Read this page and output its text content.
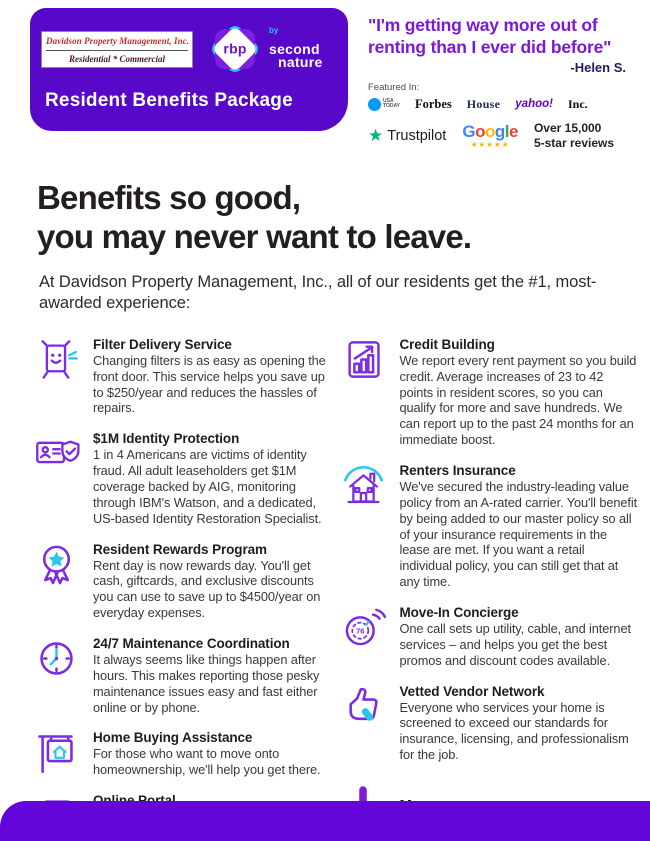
Davidson Property Management, Inc.
Residential * Commercial
rbp
$^{by}$ second
nature
Resident Benefits Package
"I'm getting way more out of
renting than I ever did before"
-Helen S.
Featured In:
USA
TODAY Forbes House yahoo! Inc.
★ Trustpilot Google
★★★★★
Over 15,000
5-star reviews
Benefits so good,
you may never want to leave.
At Davidson Property Management, Inc., all of our residents get the #1, most-awarded experience:
Filter Delivery Service
Changing filters is as easy as opening the front door. This service helps you save up to $250/year and reduces the hassles of repairs.
$1M Identity Protection
1 in 4 Americans are victims of identity fraud. All adult leaseholders get $1M coverage backed by AIG, monitoring through IBM's Watson, and a dedicated, US-based Identity Restoration Specialist.
Resident Rewards Program
Rent day is now rewards day. You'll get cash, giftcards, and exclusive discounts you can use to save up to $4500/year on everyday expenses.
24/7 Maintenance Coordination
It always seems like things happen after hours. This makes reporting those pesky maintenance issues easy and fast either online or by phone.
Home Buying Assistance
For those who want to move onto homeownership, we'll help you get there.
Credit Building
We report every rent payment so you build credit. Average increases of 23 to 42 points in resident scores, so you can qualify for more and save hundreds. We can report up to the past 24 months for an immediate boost.
Renters Insurance
We've secured the industry-leading value policy from an A-rated carrier. You'll benefit by being added to our master policy so all of your insurance requirements in the lease are met. If you want a retail individual policy, you can still get that at any time.
76
Move-In Concierge
One call sets up utility, cable, and internet services – and helps you get the best promos and discount codes available.
Vetted Vendor Network
Everyone who services your home is screened to exceed our standards for insurance, licensing, and professionalism for the job.
